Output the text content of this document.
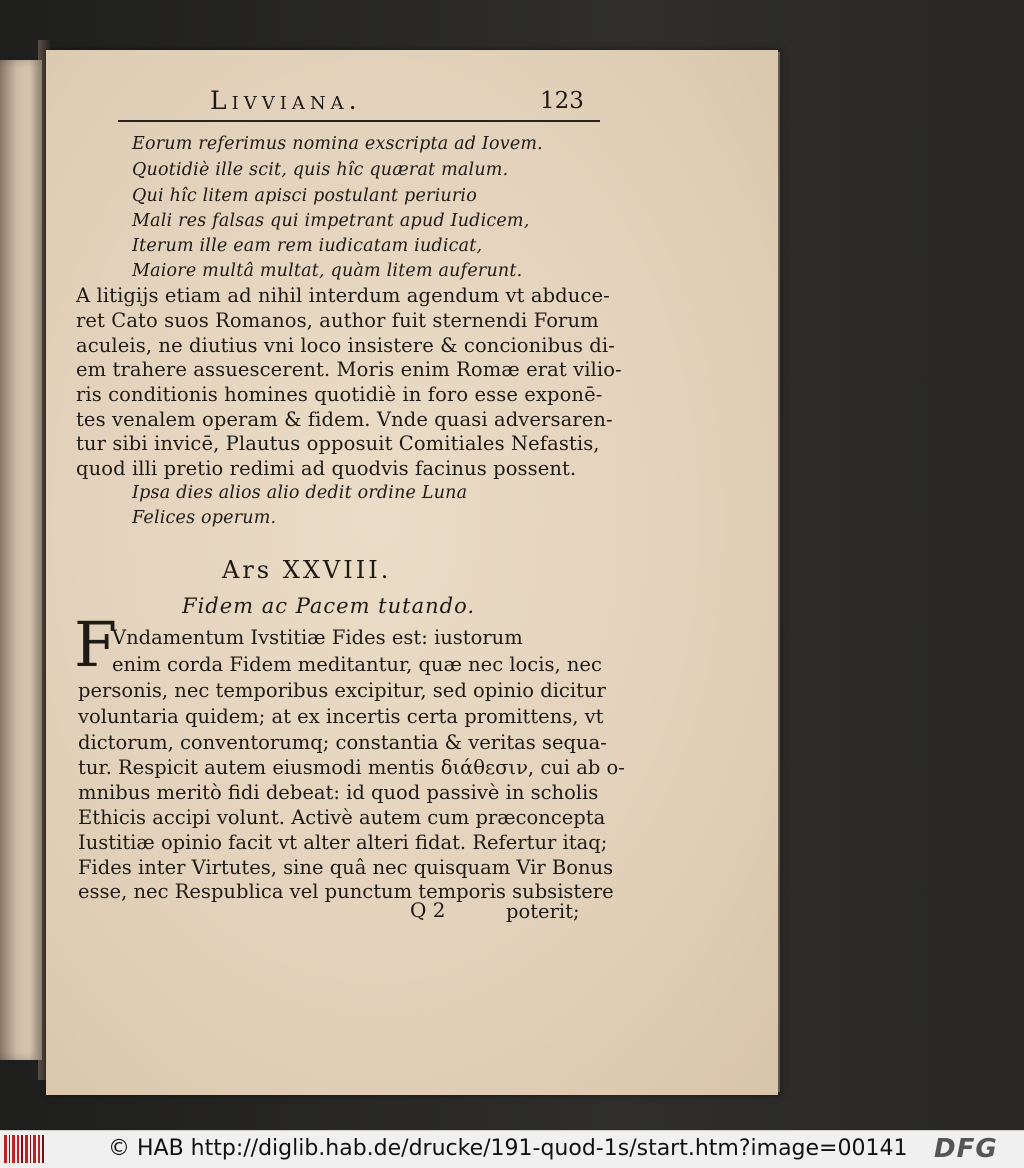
Livviana.	123

Eorum referimus nomina exscripta ad Iovem.

Quotidiè ille scit, quis hîc quærat malum.

Qui hîc litem apisci postulant periurio

Mali res falsas qui impetrant apud Iudicem,

Iterum ille eam rem iudicatam iudicat,

Maiore multâ multat, quàm litem auferunt.

A litigijs etiam ad nihil interdum agendum vt abduce-

ret Cato suos Romanos, author fuit sternendi Forum

aculeis, ne diutius vni loco insistere & concionibus di-

em trahere assuescerent. Moris enim Romæ erat vilio-

ris conditionis homines quotidiè in foro esse exponē-

tes venalem operam & fidem. Vnde quasi adversaren-

tur sibi invicē, Plautus opposuit Comitiales Nefastis,

quod illi pretio redimi ad quodvis facinus possent.

Ipsa dies alios alio dedit ordine Luna

Felices operum.

Ars XXVIII.

Fidem ac Pacem tutando.

F

Vndamentum Ivstitiæ Fides est: iustorum

enim corda Fidem meditantur, quæ nec locis, nec

personis, nec temporibus excipitur, sed opinio dicitur

voluntaria quidem; at ex incertis certa promittens, vt

dictorum, conventorumq; constantia & veritas sequa-

tur. Respicit autem eiusmodi mentis διάθεσιν, cui ab o-

mnibus meritò fidi debeat: id quod passivè in scholis

Ethicis accipi volunt. Activè autem cum præconcepta

Iustitiæ opinio facit vt alter alteri fidat. Refertur itaq;

Fides inter Virtutes, sine quâ nec quisquam Vir Bonus

esse, nec Respublica vel punctum temporis subsistere

Q 2	poterit;

© HAB http://diglib.hab.de/drucke/191-quod-1s/start.htm?image=00141 DFG
